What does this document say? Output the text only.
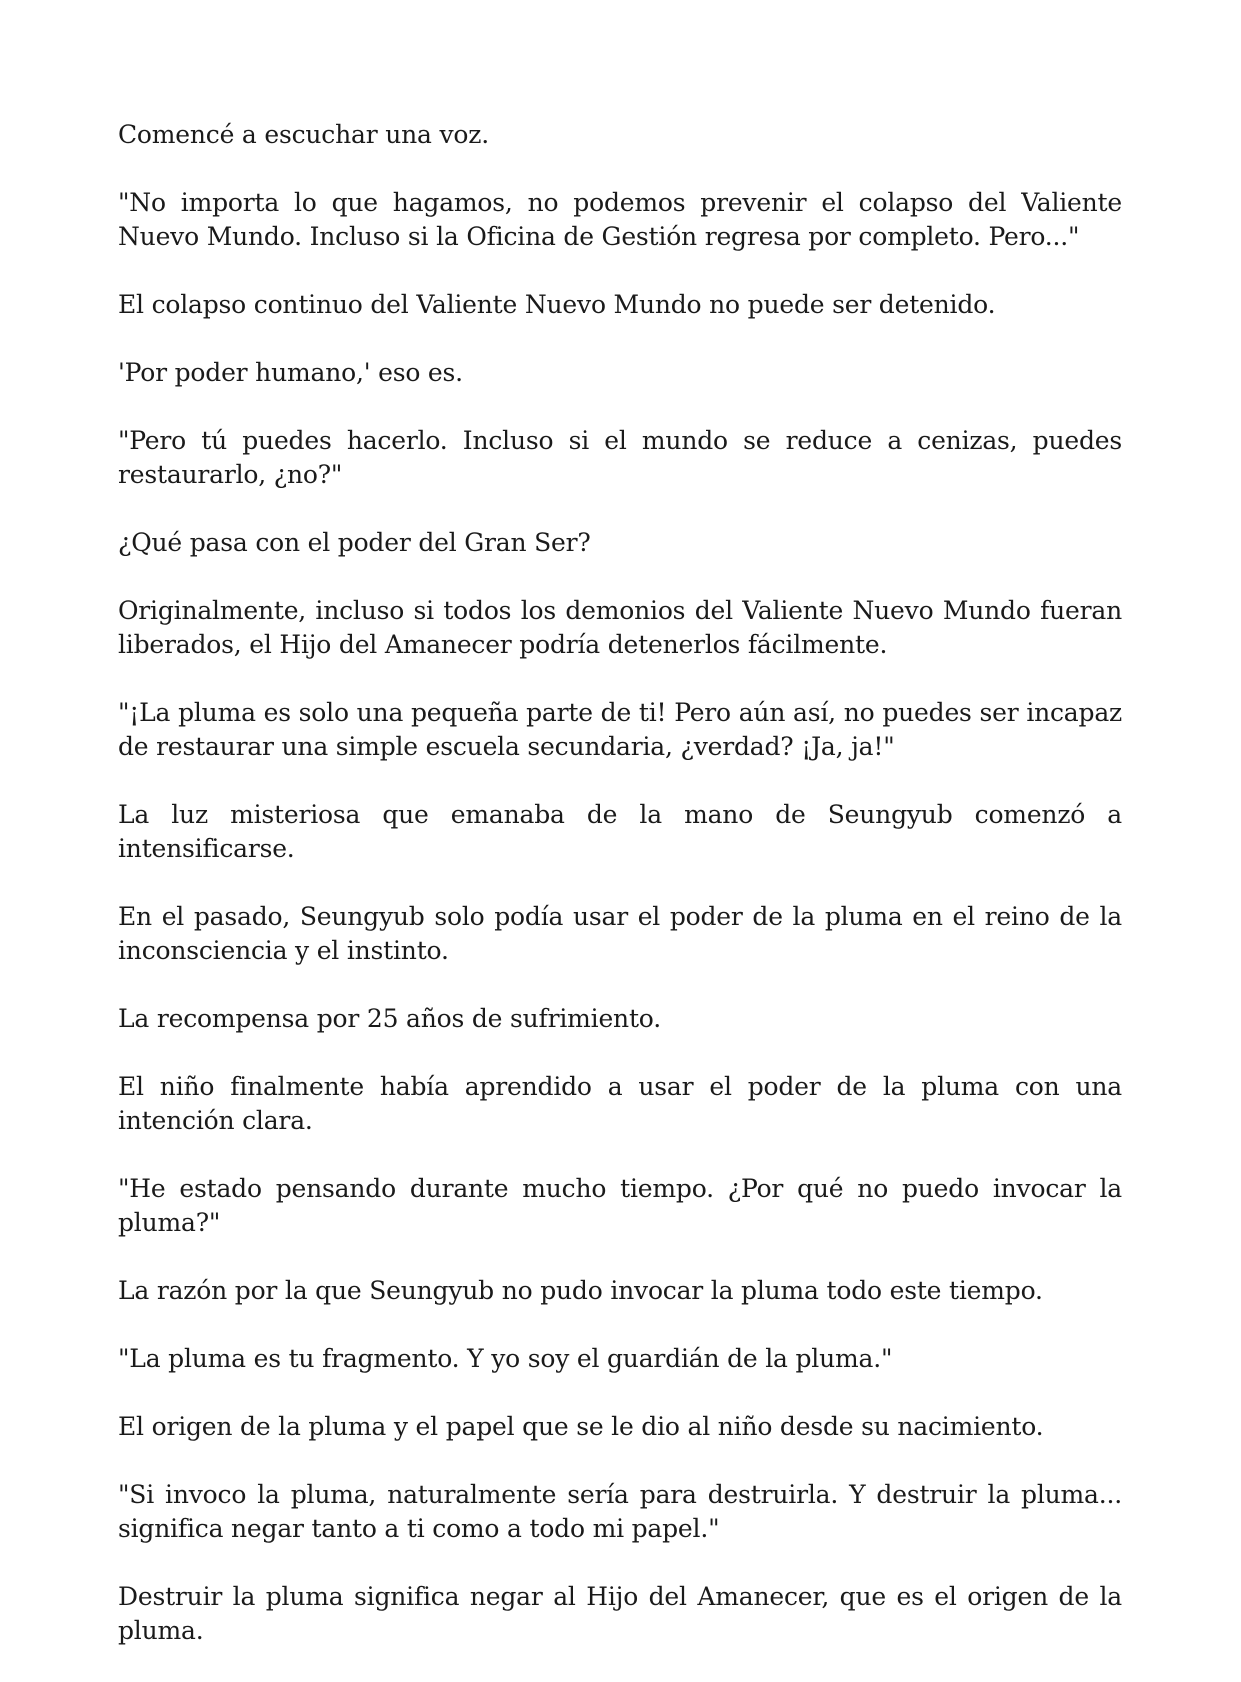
Comencé a escuchar una voz.

"No importa lo que hagamos, no podemos prevenir el colapso del Valiente Nuevo Mundo. Incluso si la Oficina de Gestión regresa por completo. Pero..."

El colapso continuo del Valiente Nuevo Mundo no puede ser detenido.

'Por poder humano,' eso es.

"Pero tú puedes hacerlo. Incluso si el mundo se reduce a cenizas, puedes restaurarlo, ¿no?"

¿Qué pasa con el poder del Gran Ser?

Originalmente, incluso si todos los demonios del Valiente Nuevo Mundo fueran liberados, el Hijo del Amanecer podría detenerlos fácilmente.

"¡La pluma es solo una pequeña parte de ti! Pero aún así, no puedes ser incapaz de restaurar una simple escuela secundaria, ¿verdad? ¡Ja, ja!"

La luz misteriosa que emanaba de la mano de Seungyub comenzó a intensificarse.

En el pasado, Seungyub solo podía usar el poder de la pluma en el reino de la inconsciencia y el instinto.

La recompensa por 25 años de sufrimiento.

El niño finalmente había aprendido a usar el poder de la pluma con una intención clara.

"He estado pensando durante mucho tiempo. ¿Por qué no puedo invocar la pluma?"

La razón por la que Seungyub no pudo invocar la pluma todo este tiempo.

"La pluma es tu fragmento. Y yo soy el guardián de la pluma."

El origen de la pluma y el papel que se le dio al niño desde su nacimiento.

"Si invoco la pluma, naturalmente sería para destruirla. Y destruir la pluma... significa negar tanto a ti como a todo mi papel."

Destruir la pluma significa negar al Hijo del Amanecer, que es el origen de la pluma.
